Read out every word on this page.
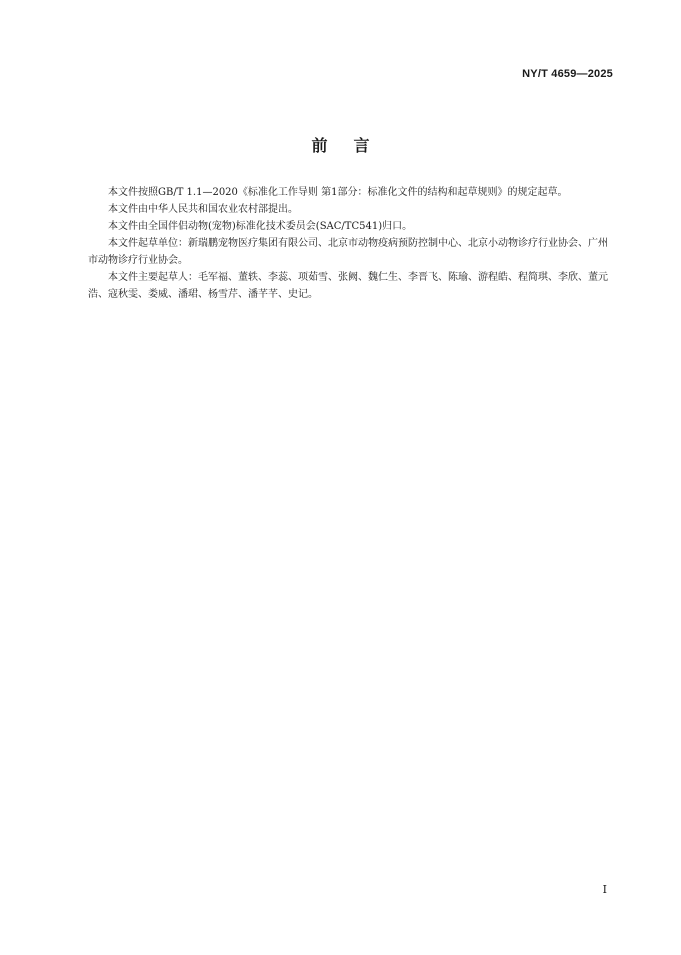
NY/T 4659—2025
前言

本文件按照GB/T 1.1—2020《标准化工作导则 第1部分：标准化文件的结构和起草规则》的规定起草。

本文件由中华人民共和国农业农村部提出。

本文件由全国伴侣动物(宠物)标准化技术委员会(SAC/TC541)归口。

本文件起草单位：新瑞鹏宠物医疗集团有限公司、北京市动物疫病预防控制中心、北京小动物诊疗行业协会、广州市动物诊疗行业协会。

本文件主要起草人：毛军福、董轶、李蕊、项茹雪、张阙、魏仁生、李晋飞、陈瑜、游程皓、程简琪、李欣、董元浩、寇秋雯、娄威、潘珺、杨雪芹、潘芊芊、史记。

I
